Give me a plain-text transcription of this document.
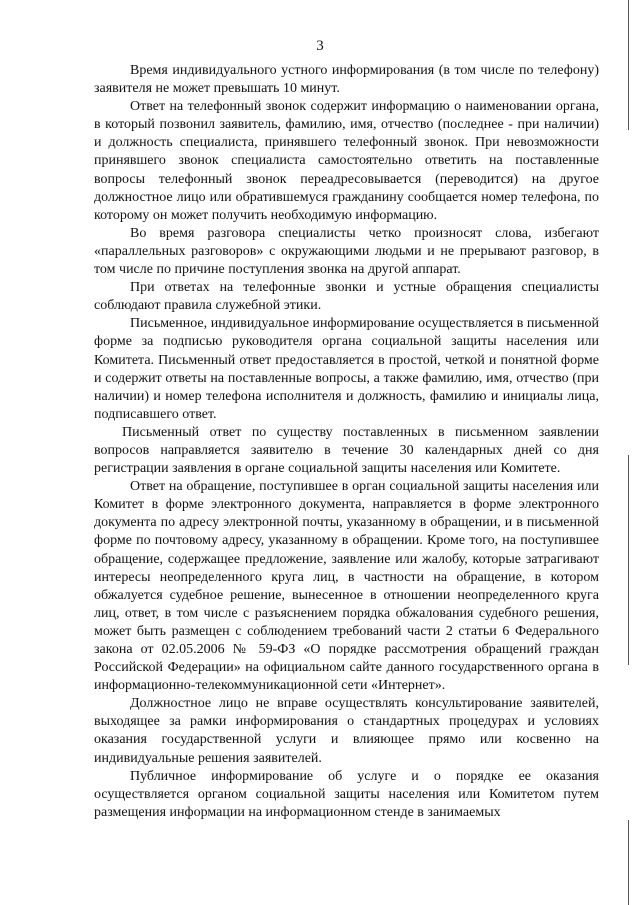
3

Время индивидуального устного информирования (в том числе по телефону) заявителя не может превышать 10 минут.

Ответ на телефонный звонок содержит информацию о наименовании органа, в который позвонил заявитель, фамилию, имя, отчество (последнее - при наличии) и должность специалиста, принявшего телефонный звонок. При невозможности принявшего звонок специалиста самостоятельно ответить на поставленные вопросы телефонный звонок переадресовывается (переводится) на другое должностное лицо или обратившемуся гражданину сообщается номер телефона, по которому он может получить необходимую информацию.

Во время разговора специалисты четко произносят слова, избегают «параллельных разговоров» с окружающими людьми и не прерывают разговор, в том числе по причине поступления звонка на другой аппарат.

При ответах на телефонные звонки и устные обращения специалисты соблюдают правила служебной этики.

Письменное, индивидуальное информирование осуществляется в письменной форме за подписью руководителя органа социальной защиты населения или Комитета. Письменный ответ предоставляется в простой, четкой и понятной форме и содержит ответы на поставленные вопросы, а также фамилию, имя, отчество (при наличии) и номер телефона исполнителя и должность, фамилию и инициалы лица, подписавшего ответ.

Письменный ответ по существу поставленных в письменном заявлении вопросов направляется заявителю в течение 30 календарных дней со дня регистрации заявления в органе социальной защиты населения или Комитете.

Ответ на обращение, поступившее в орган социальной защиты населения или Комитет в форме электронного документа, направляется в форме электронного документа по адресу электронной почты, указанному в обращении, и в письменной форме по почтовому адресу, указанному в обращении. Кроме того, на поступившее обращение, содержащее предложение, заявление или жалобу, которые затрагивают интересы неопределенного круга лиц, в частности на обращение, в котором обжалуется судебное решение, вынесенное в отношении неопределенного круга лиц, ответ, в том числе с разъяснением порядка обжалования судебного решения, может быть размещен с соблюдением требований части 2 статьи 6 Федерального закона от 02.05.2006 № 59-ФЗ «О порядке рассмотрения обращений граждан Российской Федерации» на официальном сайте данного государственного органа в информационно-телекоммуникационной сети «Интернет».

Должностное лицо не вправе осуществлять консультирование заявителей, выходящее за рамки информирования о стандартных процедурах и условиях оказания государственной услуги и влияющее прямо или косвенно на индивидуальные решения заявителей.

Публичное информирование об услуге и о порядке ее оказания осуществляется органом социальной защиты населения или Комитетом путем размещения информации на информационном стенде в занимаемых
